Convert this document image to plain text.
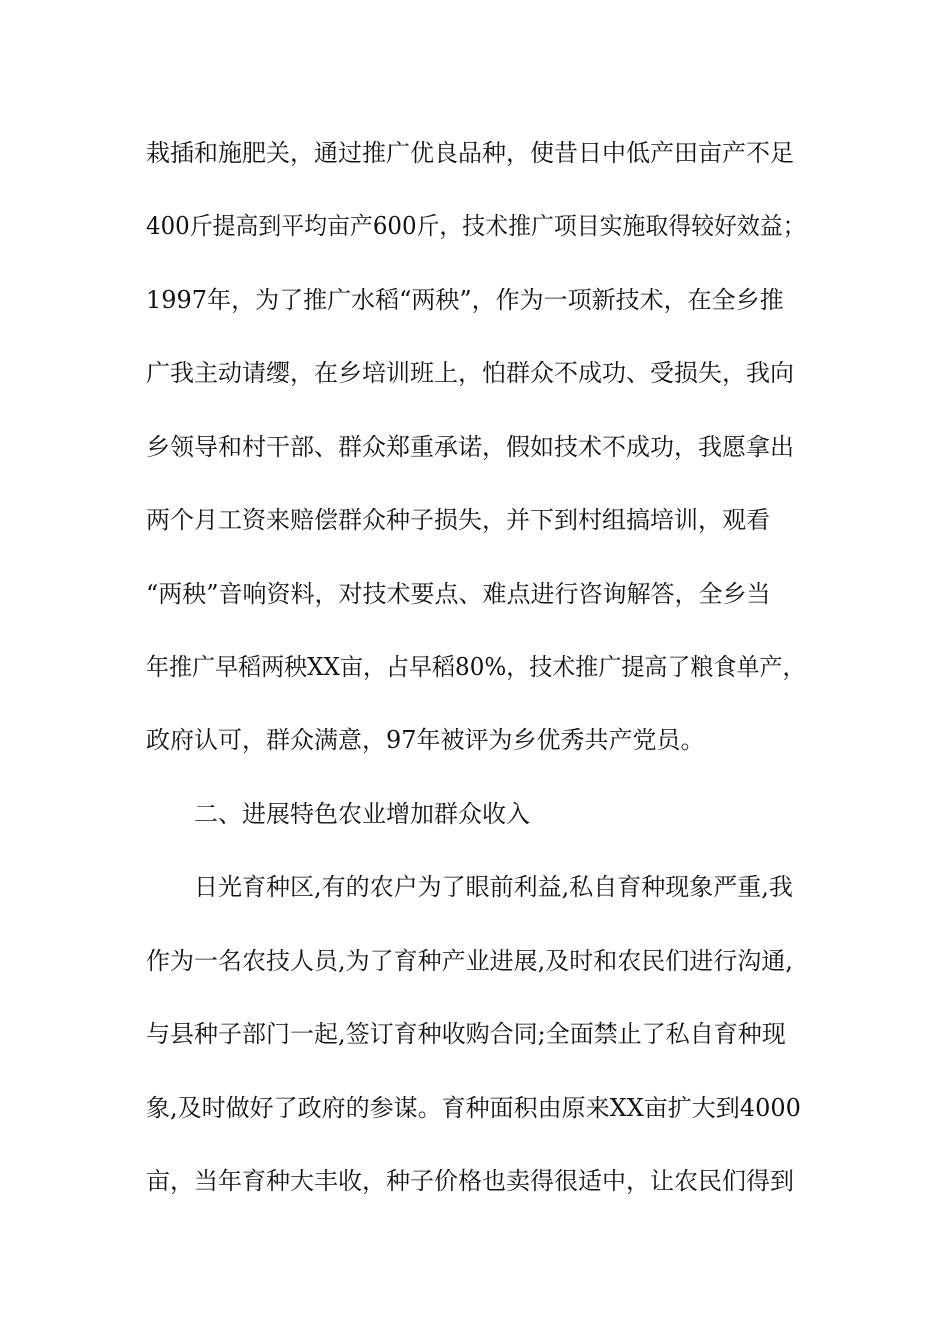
栽插和施肥关，通过推广优良品种，使昔日中低产田亩产不足
400斤提高到平均亩产600斤，技术推广项目实施取得较好效益；
1997年，为了推广水稻“两秧”，作为一项新技术，在全乡推
广我主动请缨，在乡培训班上，怕群众不成功、受损失，我向
乡领导和村干部、群众郑重承诺，假如技术不成功，我愿拿出
两个月工资来赔偿群众种子损失，并下到村组搞培训，观看
“两秧”音响资料，对技术要点、难点进行咨询解答，全乡当
年推广早稻两秧XX亩，占早稻80%，技术推广提高了粮食单产，
政府认可，群众满意，97年被评为乡优秀共产党员。
二、进展特色农业增加群众收入
日光育种区,有的农户为了眼前利益,私自育种现象严重,我
作为一名农技人员,为了育种产业进展,及时和农民们进行沟通,
与县种子部门一起,签订育种收购合同;全面禁止了私自育种现
象,及时做好了政府的参谋。育种面积由原来XX亩扩大到4000
亩，当年育种大丰收，种子价格也卖得很适中，让农民们得到
